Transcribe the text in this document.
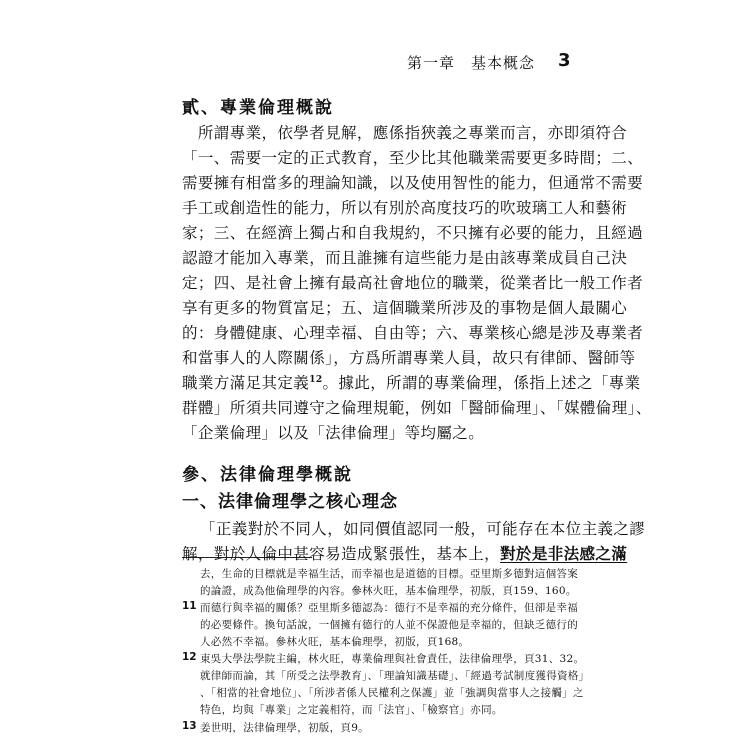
第一章　基本概念 3
貳、專業倫理概說
　所謂專業，依學者見解，應係指狹義之專業而言，亦即須符合
「一、需要一定的正式教育，至少比其他職業需要更多時間；二、
需要擁有相當多的理論知識，以及使用智性的能力，但通常不需要
手工或創造性的能力，所以有別於高度技巧的吹玻璃工人和藝術
家；三、在經濟上獨占和自我規約，不只擁有必要的能力，且經過
認證才能加入專業，而且誰擁有這些能力是由該專業成員自己決
定；四、是社會上擁有最高社會地位的職業，從業者比一般工作者
享有更多的物質富足；五、這個職業所涉及的事物是個人最關心
的：身體健康、心理幸福、自由等；六、專業核心總是涉及專業者
和當事人的人際關係」，方爲所謂專業人員，故只有律師、醫師等
職業方滿足其定義$^{12}$。據此，所謂的專業倫理，係指上述之「專業
群體」所須共同遵守之倫理規範，例如「醫師倫理」、「媒體倫理」、
「企業倫理」以及「法律倫理」等均屬之。
參、法律倫理學概說
一、法律倫理學之核心理念
「正義對於不同人，如同價值認同一般，可能存在本位主義之謬
去，生命的目標就是幸福生活，而幸福也是道德的目標。亞里斯多德對這個答案
的論證，成為他倫理學的內容。參林火旺，基本倫理學，初版，頁159、160。
11 而德行與幸福的關係？亞里斯多德認為：德行不是幸福的充分條件，但卻是幸福
的必要條件。換句話說，一個擁有德行的人並不保證他是幸福的，但缺乏德行的
人必然不幸福。參林火旺，基本倫理學，初版，頁168。
12 東吳大學法學院主編，林火旺，專業倫理與社會責任，法律倫理學，頁31、32。
就律師而論，其「所受之法學教育」、「理論知識基礎」、「經過考試制度獲得資格」
、「相當的社會地位」、「所涉者係人民權利之保護」並「強調與當事人之接觸」之
特色，均與「專業」之定義相符，而「法官」、「檢察官」亦同。
13 姜世明，法律倫理學，初版，頁9。
解，對於人倫中甚容易造成緊張性，基本上，對於是非法感之滿
